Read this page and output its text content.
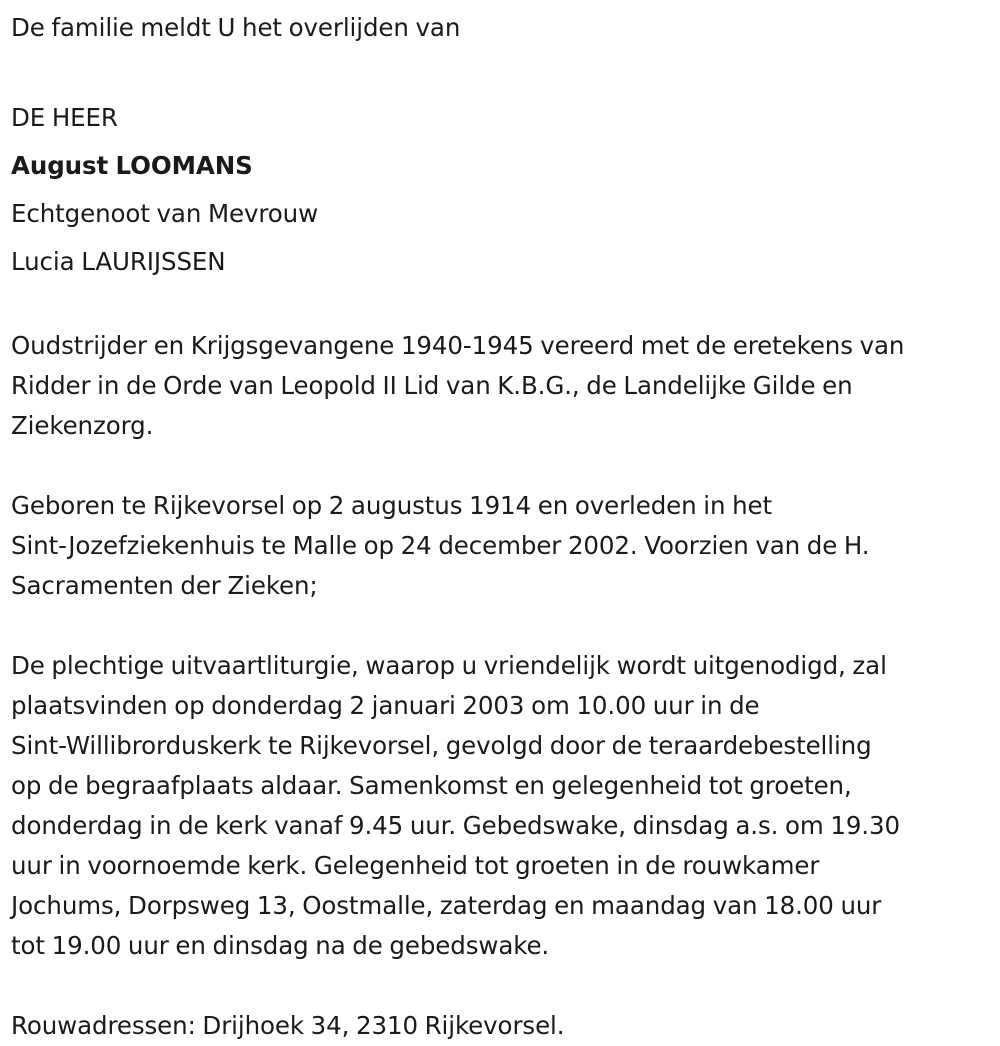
De familie meldt U het overlijden van

DE HEER

August LOOMANS

Echtgenoot van Mevrouw

Lucia LAURIJSSEN

Oudstrijder en Krijgsgevangene 1940-1945 vereerd met de eretekens van

Ridder in de Orde van Leopold II Lid van K.B.G., de Landelijke Gilde en

Ziekenzorg.

Geboren te Rijkevorsel op 2 augustus 1914 en overleden in het

Sint-Jozefziekenhuis te Malle op 24 december 2002. Voorzien van de H.

Sacramenten der Zieken;

De plechtige uitvaartliturgie, waarop u vriendelijk wordt uitgenodigd, zal

plaatsvinden op donderdag 2 januari 2003 om 10.00 uur in de

Sint-Willibrorduskerk te Rijkevorsel, gevolgd door de teraardebestelling

op de begraafplaats aldaar. Samenkomst en gelegenheid tot groeten,

donderdag in de kerk vanaf 9.45 uur. Gebedswake, dinsdag a.s. om 19.30

uur in voornoemde kerk. Gelegenheid tot groeten in de rouwkamer

Jochums, Dorpsweg 13, Oostmalle, zaterdag en maandag van 18.00 uur

tot 19.00 uur en dinsdag na de gebedswake.

Rouwadressen: Drijhoek 34, 2310 Rijkevorsel.
